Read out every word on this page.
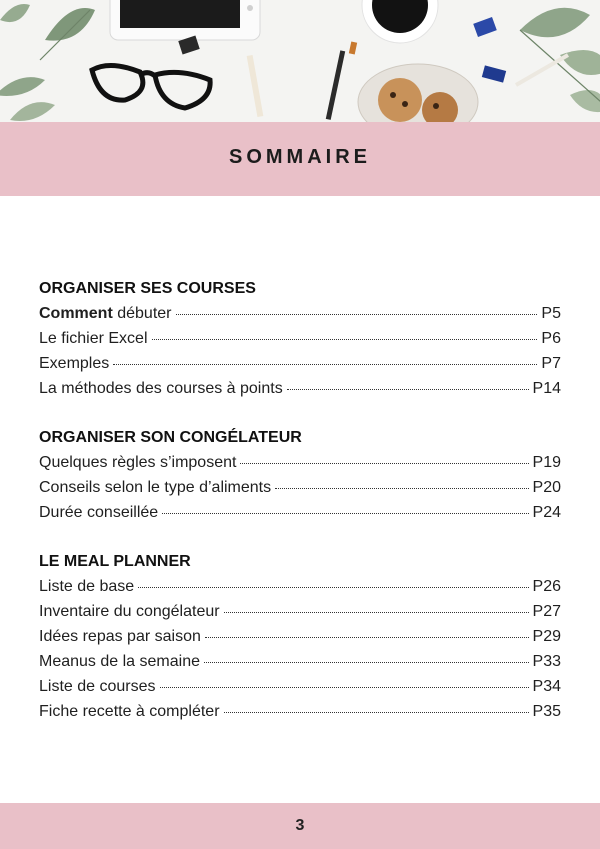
SOMMAIRE
ORGANISER SES COURSES
Comment débuter	P5
Le fichier Excel	P6
Exemples	P7
La méthodes des courses à points	P14
ORGANISER SON CONGÉLATEUR
Quelques règles s’imposent	P19
Conseils selon le type d’aliments	P20
Durée conseillée	P24
LE MEAL PLANNER
Liste de base	P26
Inventaire du congélateur	P27
Idées repas par saison	P29
Meanus de la semaine	P33
Liste de courses	P34
Fiche recette à compléter	P35
3
